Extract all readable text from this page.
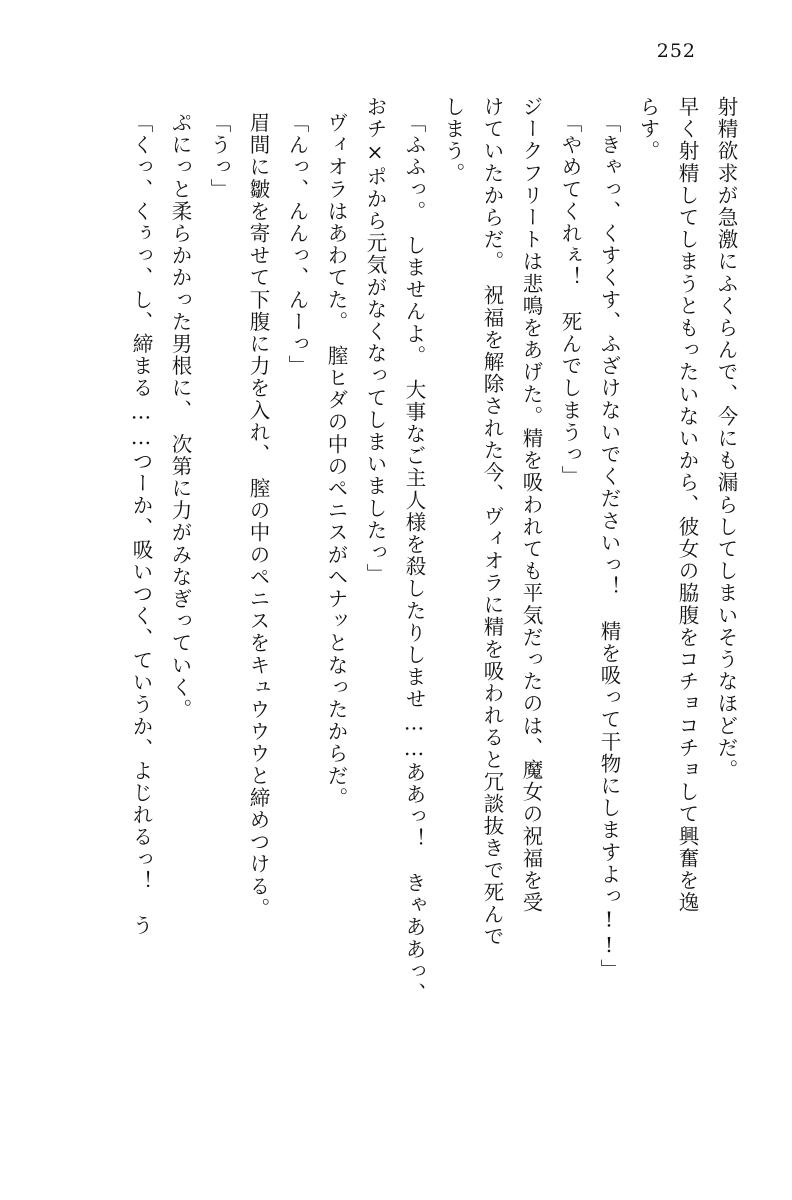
252
射精欲求が急激にふくらんで、今にも漏らしてしまいそうなほどだ。
早く射精してしまうともったいないから、彼女の脇腹をコチョコチョして興奮を逸
らす。
「きゃっ、くすくす、ふざけないでくださいっ！　精を吸って干物にしますよっ!!」
「やめてくれぇ！　死んでしまうっ」
ジークフリートは悲鳴をあげた。精を吸われても平気だったのは、魔女の祝福を受
けていたからだ。　祝福を解除された今、ヴィオラに精を吸われると冗談抜きで死んで
しまう。
「ふふっ。　しませんよ。　大事なご主人様を殺したりしませ……ああっ！　きゃああっ、
おチ×ポから元気がなくなってしまいましたっ」
ヴィオラはあわてた。　膣ヒダの中のペニスがヘナッとなったからだ。
「んっ、んんっ、んーっ」
眉間に皺を寄せて下腹に力を入れ、　膣の中のペニスをキュウウウと締めつける。
「うっ」
ぷにっと柔らかかった男根に、　次第に力がみなぎっていく。
「くっ、くぅっ、し、締まる……つーか、吸いつく、ていうか、よじれるっ！　う
